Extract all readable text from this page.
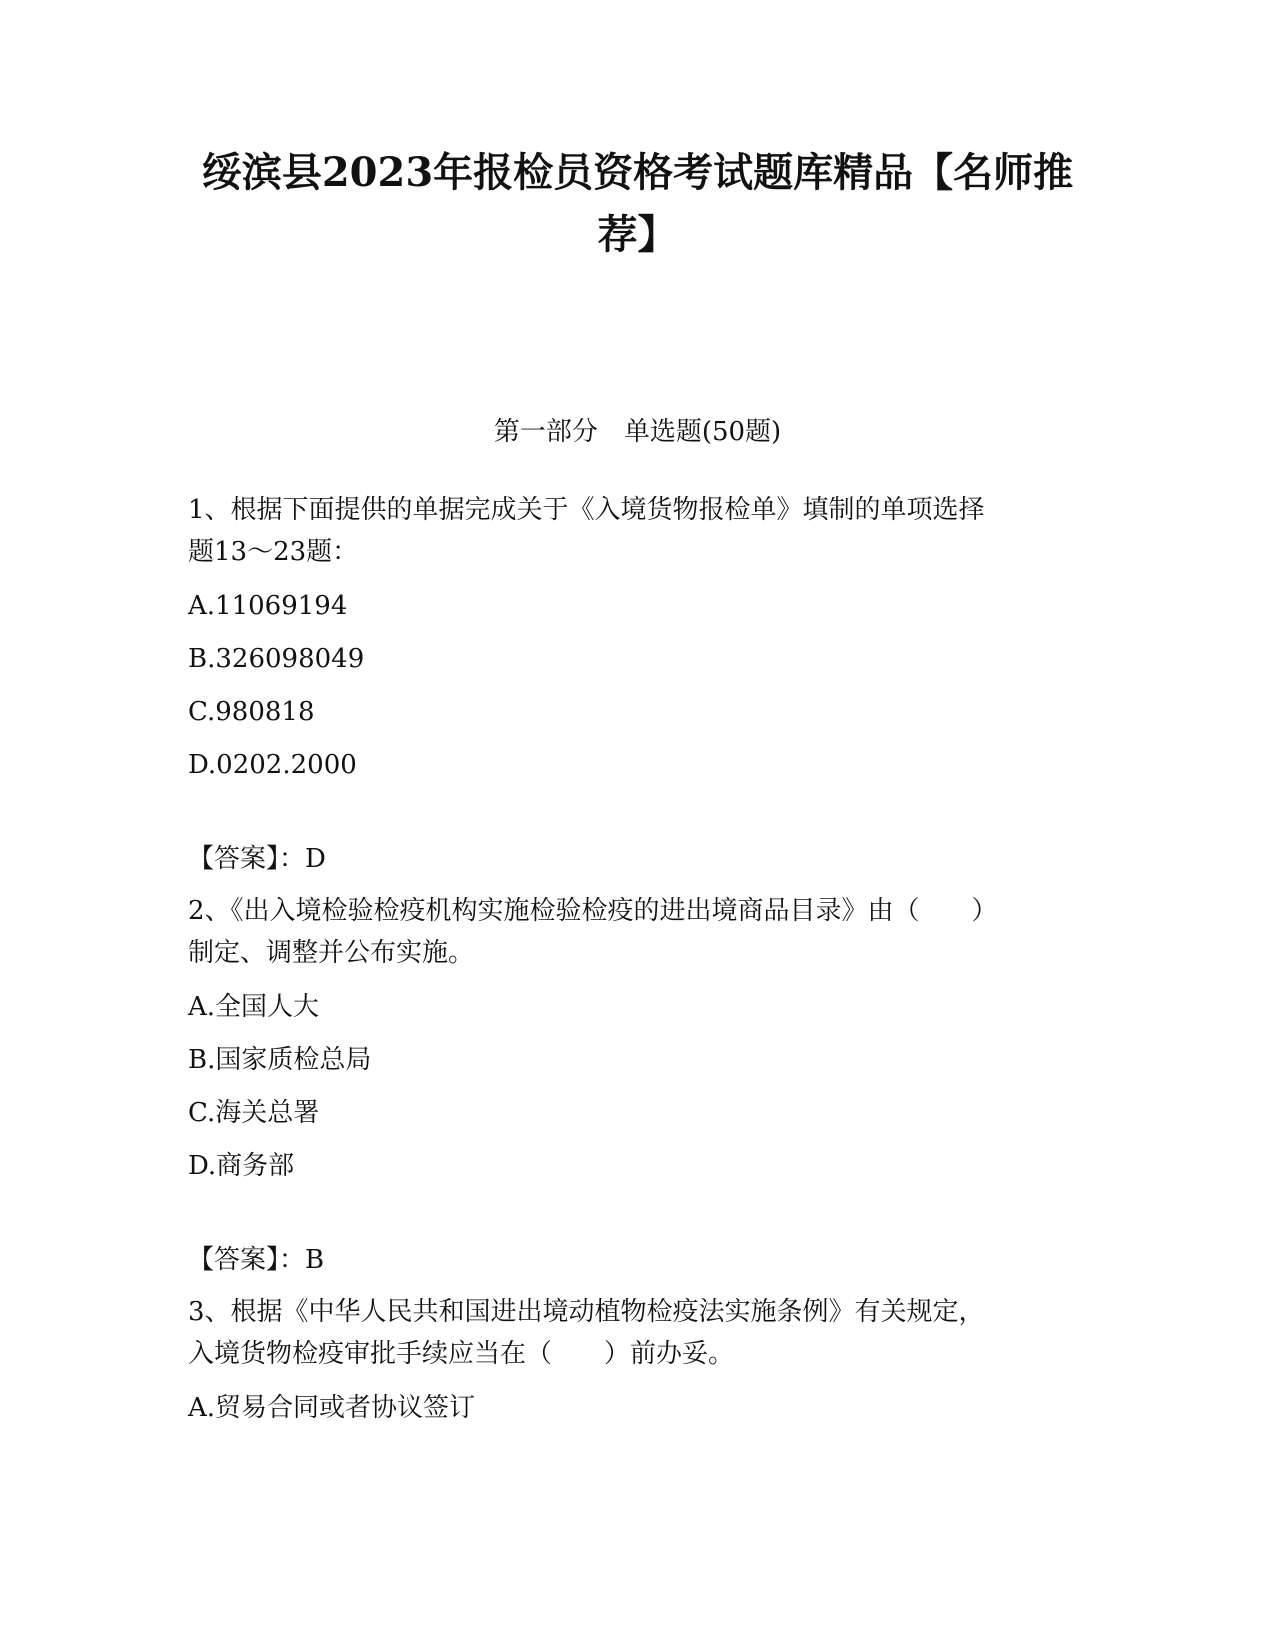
绥滨县2023年报检员资格考试题库精品【名师推
荐】
第一部分　单选题(50题)
1、根据下面提供的单据完成关于《入境货物报检单》填制的单项选择
题13～23题：
A.11069194
B.326098049
C.980818
D.0202.2000
【答案】：D
2、《出入境检验检疫机构实施检验检疫的进出境商品目录》由（　　）
制定、调整并公布实施。
A.全国人大
B.国家质检总局
C.海关总署
D.商务部
【答案】：B
3、根据《中华人民共和国进出境动植物检疫法实施条例》有关规定，
入境货物检疫审批手续应当在（　　）前办妥。
A.贸易合同或者协议签订
